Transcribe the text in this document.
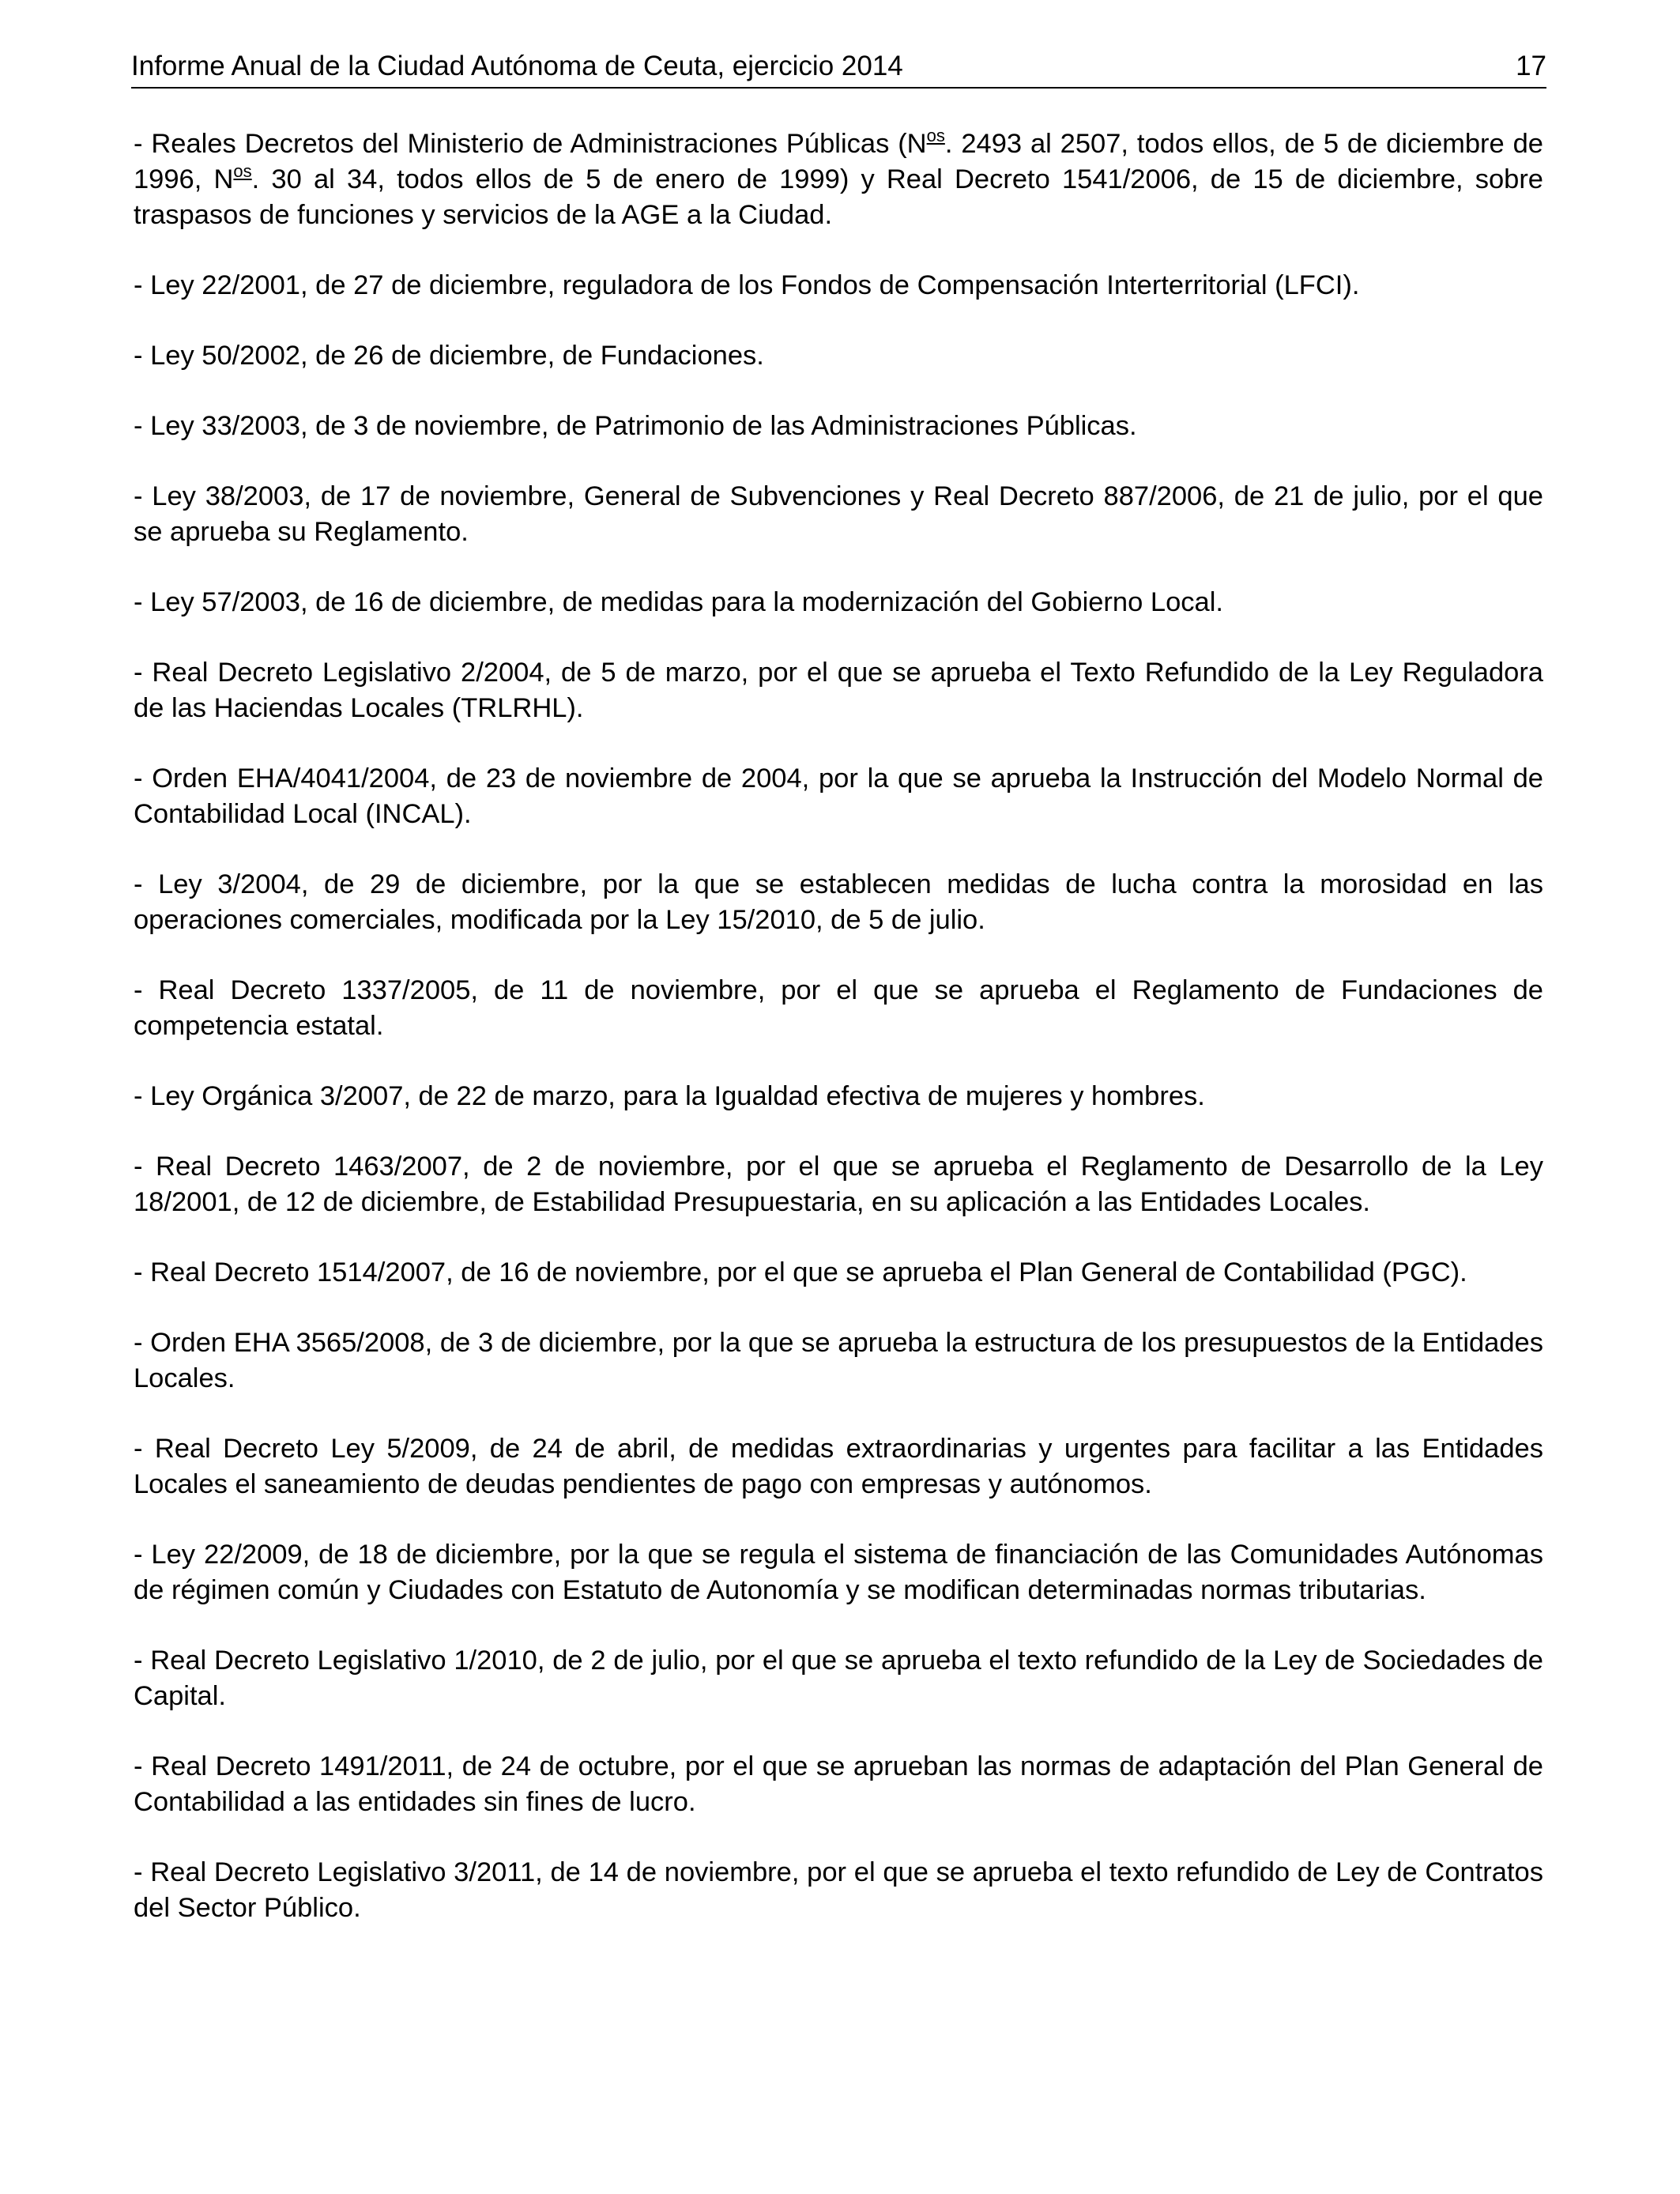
Informe Anual de la Ciudad Autónoma de Ceuta, ejercicio 2014	17

- Reales Decretos del Ministerio de Administraciones Públicas ($N^{os}$. 2493 al 2507, todos ellos, de 5 de diciembre de 1996, $N^{os}$. 30 al 34, todos ellos de 5 de enero de 1999) y Real Decreto 1541/2006, de 15 de diciembre, sobre traspasos de funciones y servicios de la AGE a la Ciudad.

- Ley 22/2001, de 27 de diciembre, reguladora de los Fondos de Compensación Interterritorial (LFCI).

- Ley 50/2002, de 26 de diciembre, de Fundaciones.

- Ley 33/2003, de 3 de noviembre, de Patrimonio de las Administraciones Públicas.

- Ley 38/2003, de 17 de noviembre, General de Subvenciones y Real Decreto 887/2006, de 21 de julio, por el que se aprueba su Reglamento.

- Ley 57/2003, de 16 de diciembre, de medidas para la modernización del Gobierno Local.

- Real Decreto Legislativo 2/2004, de 5 de marzo, por el que se aprueba el Texto Refundido de la Ley Reguladora de las Haciendas Locales (TRLRHL).

- Orden EHA/4041/2004, de 23 de noviembre de 2004, por la que se aprueba la Instrucción del Modelo Normal de Contabilidad Local (INCAL).

- Ley 3/2004, de 29 de diciembre, por la que se establecen medidas de lucha contra la morosidad en las operaciones comerciales, modificada por la Ley 15/2010, de 5 de julio.

- Real Decreto 1337/2005, de 11 de noviembre, por el que se aprueba el Reglamento de Fundaciones de competencia estatal.

- Ley Orgánica 3/2007, de 22 de marzo, para la Igualdad efectiva de mujeres y hombres.

- Real Decreto 1463/2007, de 2 de noviembre, por el que se aprueba el Reglamento de Desarrollo de la Ley 18/2001, de 12 de diciembre, de Estabilidad Presupuestaria, en su aplicación a las Entidades Locales.

- Real Decreto 1514/2007, de 16 de noviembre, por el que se aprueba el Plan General de Contabilidad (PGC).

- Orden EHA 3565/2008, de 3 de diciembre, por la que se aprueba la estructura de los presupuestos de la Entidades Locales.

- Real Decreto Ley 5/2009, de 24 de abril, de medidas extraordinarias y urgentes para facilitar a las Entidades Locales el saneamiento de deudas pendientes de pago con empresas y autónomos.

- Ley 22/2009, de 18 de diciembre, por la que se regula el sistema de financiación de las Comunidades Autónomas de régimen común y Ciudades con Estatuto de Autonomía y se modifican determinadas normas tributarias.

- Real Decreto Legislativo 1/2010, de 2 de julio, por el que se aprueba el texto refundido de la Ley de Sociedades de Capital.

- Real Decreto 1491/2011, de 24 de octubre, por el que se aprueban las normas de adaptación del Plan General de Contabilidad a las entidades sin fines de lucro.

- Real Decreto Legislativo 3/2011, de 14 de noviembre, por el que se aprueba el texto refundido de Ley de Contratos del Sector Público.
